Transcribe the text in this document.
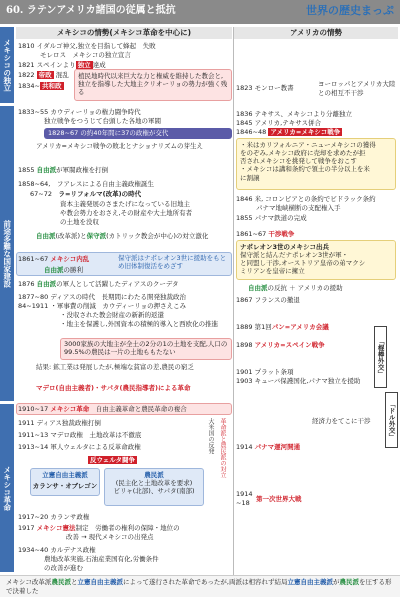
60. ラテンアメリカ諸国の従属と抵抗	世界の歴史まっぷ
メキシコの独立
前途多難な国家建設
メキシコ革命
メキシコの情勢(メキシコ革命を中心に)	アメリカの情勢
1810 イダルゴ神父,独立を目指して蜂起　失敗
モレロス　メキシコの独立宣言
1821 スペインより 独立 達成
1822 帝政 混乱
1834~ 共和政
植民地時代以来巨大な力と権威を維持した教会と,独立を指導した大地主クリオーリョの勢力が強く残る
1833~55 カウディーリョの権力闘争時代
独立戦争をつうじて台頭した各地の軍閥
1828~67 の約40年間に37の政権が交代
アメリカ=メキシコ戦争の敗北とナショナリズムの芽生え
1855 自由派が軍閥政権を打倒
1858~64,　フアレスによる自由主義政権誕生
67~72　ラ=リフォルマ(改革)の時代
資本主義発展のさまたげになっている旧地主
や教会勢力をおさえ,その財産や大土地所有者
の土地を没収
自由派(改革派)と保守派(カトリック教会が中心)の対立激化
1861~67 メキシコ内乱	保守派はナポレオン3世に援助をもとめ旧体制復活をめざす
自由派の勝利
1876 自由派の軍人として活躍したディアスのクーデタ
1877~80 ディアスの時代　長期間にわたる開発独裁政治
84~1911 ・軍事費の削減　カウディーリョの押さえこみ
・没収された教会財産の新新的返還
・地主を保護し,外国資本の積極的導入と西欧化の推進
3000家族の大地主が全土の2分の1の土地を支配,人口の99.5%の農民は一片の土地ももたない
結果: 鉱工業は発展したが,極端な貧富の差,農民の窮乏
マデロ(自由主義者)・サパタ(農民指導者)による革命
1910~17 メキシコ革命　自由主義革命と農民革命の複合
1911 ディアス独裁政権打倒
1911~13 マデロ政権　土地改革は不徹底
1913~14 軍人ウェルタによる反革命政権
反ウェルタ闘争
立憲自由主義派
カランサ・オブレゴン
農民派
(民主化と土地改革を要求)
ビリャ(北部)、サパタ(南部)
1917~20 カランサ政権
1917 メキシコ憲法制定　労働者の権利の保障・地位の
改善 → 現代メキシコの出発点
1934~40 カルデナス政権
農地改革実施,石油産業国有化,労働条件
の改善が進む
大米国の反発 革命派と農民派の対立
1823 モンロー教書	ヨーロッパとアメリカ大陸
との相互不干渉
1836 テキサス、メキシコより分離独立
1845 アメリカ,テキサス併合
1846~48 アメリカ=メキシコ戦争
・米はカリフォルニア・ニューメキシコの獲得
をのぞみ,メキシコ政府に売却を求めたが拒
否されメキシコを挑発して戦争をおこす
・メキシコは講和条約で領土の半分以上を米
に割譲
1846 米, コロンビアとの条約でビドラック条約
パナマ地峡横断の支配権入手
1855 パナマ鉄道の完成
1861~67 干渉戦争
ナポレオン3世のメキシコ出兵
保守派と結んだナポレオン3世が軍・
と同盟し干渉,オーストリア皇帝の弟マクシ
ミリアンを皇帝に擁立
自由派の反抗 ＋ アメリカの援助
1867 フランスの撤退
1889 第1回パン=アメリカ会議
1898 アメリカ=スペイン戦争
1901 プラット条項
1903 キューバ保護国化,パナマ独立を援助
経済力をてこに干渉
1914 パナマ運河開通
1914
~18 第一次世界大戦
「棍棒外交」
「ドル外交」
メキシコ改革派農民派と立憲自由主義派によって遂行された革命であったが,両派は相容れず結局立憲自由主義派が農民派を圧する形で決着した
